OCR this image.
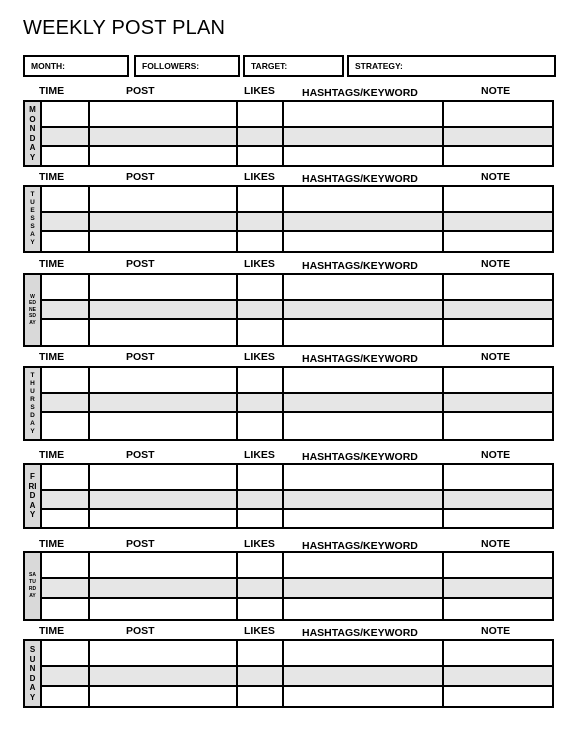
WEEKLY POST PLAN
MONTH:	FOLLOWERS:	TARGET:	STRATEGY:
TIME	POST	LIKES	HASHTAGS/KEYWORD	NOTE
MONDAY
TIME	POST	LIKES	HASHTAGS/KEYWORD	NOTE
TUESSAY
TIME	POST	LIKES	HASHTAGS/KEYWORD	NOTE
WEDNESDAY
TIME	POST	LIKES	HASHTAGS/KEYWORD	NOTE
THURSDAY
TIME	POST	LIKES	HASHTAGS/KEYWORD	NOTE
FRIDAY
TIME	POST	LIKES	HASHTAGS/KEYWORD	NOTE
SATURDAY
TIME	POST	LIKES	HASHTAGS/KEYWORD	NOTE
SUNDAY
